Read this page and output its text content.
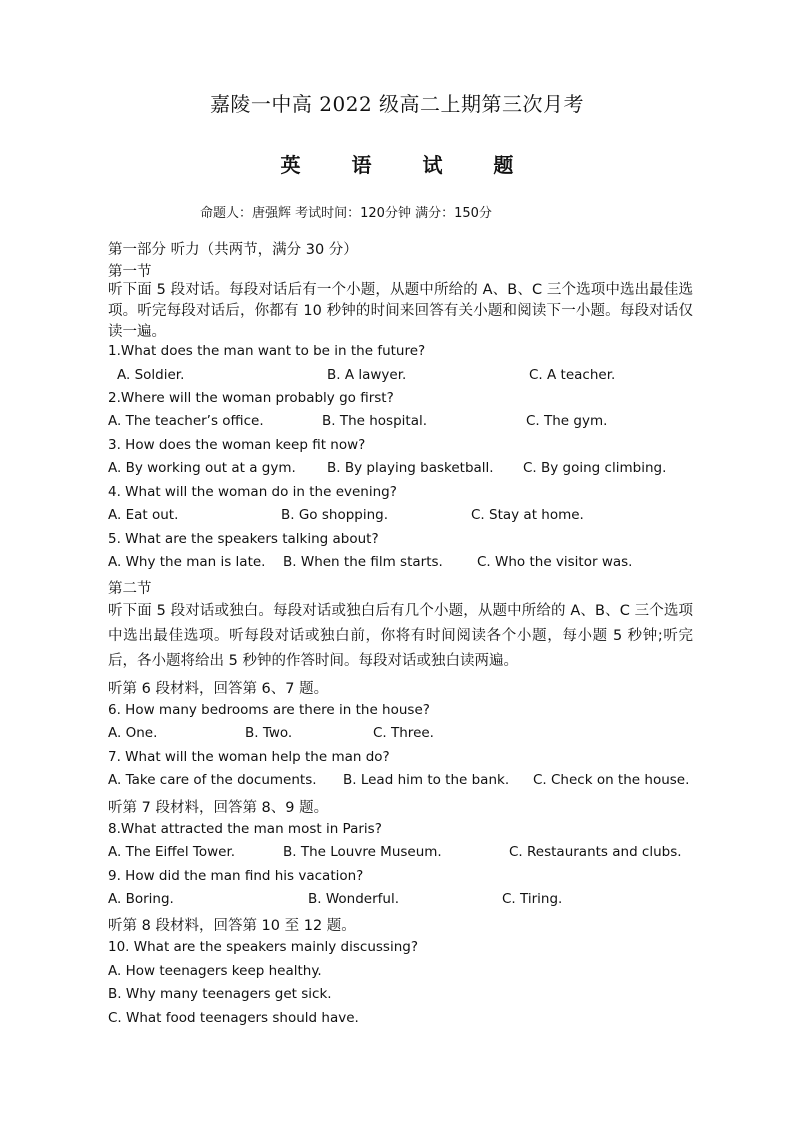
嘉陵一中高 2022 级高二上期第三次月考
英 语 试 题
命题人：唐强辉 考试时间：120分钟 满分：150分
第一部分 听力（共两节，满分 30 分）
第一节
听下面 5 段对话。每段对话后有一个小题，从题中所给的 A、B、C 三个选项中选出最佳选项。听完每段对话后，你都有 10 秒钟的时间来回答有关小题和阅读下一小题。每段对话仅读一遍。
1.What does the man want to be in the future?
A. Soldier.	B. A lawyer.	C. A teacher.
2.Where will the woman probably go first?
A. The teacher’s office.	B. The hospital.	C. The gym.
3. How does the woman keep fit now?
A. By working out at a gym. B. By playing basketball. C. By going climbing.
4. What will the woman do in the evening?
A. Eat out.	B. Go shopping.	C. Stay at home.
5. What are the speakers talking about?
A. Why the man is late. B. When the film starts.	C. Who the visitor was.
第二节
听下面 5 段对话或独白。每段对话或独白后有几个小题，从题中所给的 A、B、C 三个选项中选出最佳选项。听每段对话或独白前，你将有时间阅读各个小题，每小题 5 秒钟;听完后，各小题将给出 5 秒钟的作答时间。每段对话或独白读两遍。
听第 6 段材料，回答第 6、7 题。
6. How many bedrooms are there in the house?
A. One.	B. Two.	C. Three.
7. What will the woman help the man do?
A. Take care of the documents. B. Lead him to the bank. C. Check on the house.
听第 7 段材料，回答第 8、9 题。
8.What attracted the man most in Paris?
A. The Eiffel Tower.	B. The Louvre Museum.	C. Restaurants and clubs.
9. How did the man find his vacation?
A. Boring.	B. Wonderful.	C. Tiring.
听第 8 段材料，回答第 10 至 12 题。
10. What are the speakers mainly discussing?
A. How teenagers keep healthy.
B. Why many teenagers get sick.
C. What food teenagers should have.
